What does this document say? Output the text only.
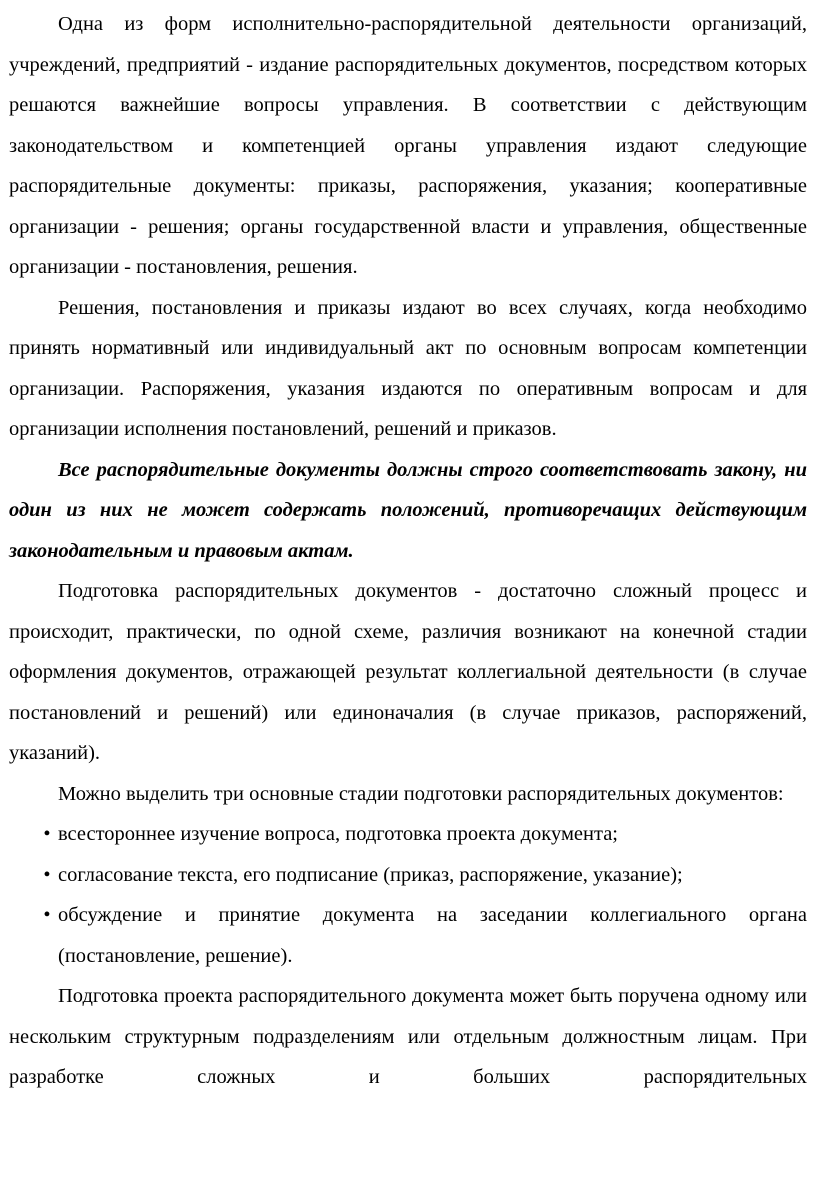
Одна из форм исполнительно-распорядительной деятельности организаций, учреждений, предприятий - издание распорядительных документов, посредством которых решаются важнейшие вопросы управления. В соответствии с действующим законодательством и компетенцией органы управления издают следующие распорядительные документы: приказы, распоряжения, указания; кооперативные организации - решения; органы государственной власти и управления, общественные организации - постановления, решения.

Решения, постановления и приказы издают во всех случаях, когда необходимо принять нормативный или индивидуальный акт по основным вопросам компетенции организации. Распоряжения, указания издаются по оперативным вопросам и для организации исполнения постановлений, решений и приказов.

Все распорядительные документы должны строго соответствовать закону, ни один из них не может содержать положений, противоречащих действующим законодательным и правовым актам.

Подготовка распорядительных документов - достаточно сложный процесс и происходит, практически, по одной схеме, различия возникают на конечной стадии оформления документов, отражающей результат коллегиальной деятельности (в случае постановлений и решений) или единоначалия (в случае приказов, распоряжений, указаний).

Можно выделить три основные стадии подготовки распорядительных документов:

• всестороннее изучение вопроса, подготовка проекта документа;
• согласование текста, его подписание (приказ, распоряжение, указание);
• обсуждение и принятие документа на заседании коллегиального органа (постановление, решение).

Подготовка проекта распорядительного документа может быть поручена одному или нескольким структурным подразделениям или отдельным должностным лицам. При разработке сложных и больших распорядительных
